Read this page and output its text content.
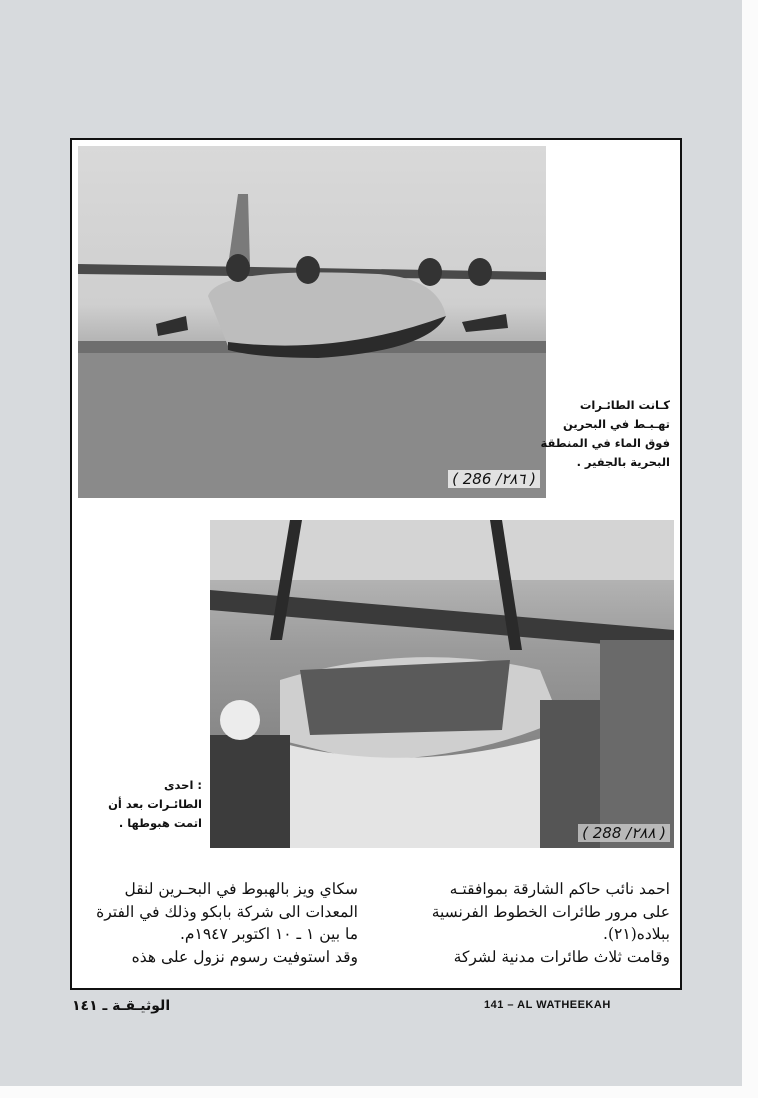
( 286 /٢٨٦ )
كـانت الطائـرات
تهـبـط في البحرين
فوق الماء في المنطقة
البحرية بالجفير .
( 288 /٢٨٨ )
: احدى
الطائـرات بعد أن
اتمت هبوطها .
احمد نائب حاكم الشارقة بموافقتـه
على مرور طائرات الخطوط الفرنسية
ببلاده(٢١).
وقامت ثلاث طائرات مدنية لشركة
سكاي ويز بالهبوط في البحـرين لنقل
المعدات الى شركة بابكو وذلك في الفترة
ما بين ١ ـ ١٠ اكتوبر ١٩٤٧م.
وقد استوفيت رسوم نزول على هذه
الوثيـقـة ـ ١٤١	141 – AL WATHEEKAH
